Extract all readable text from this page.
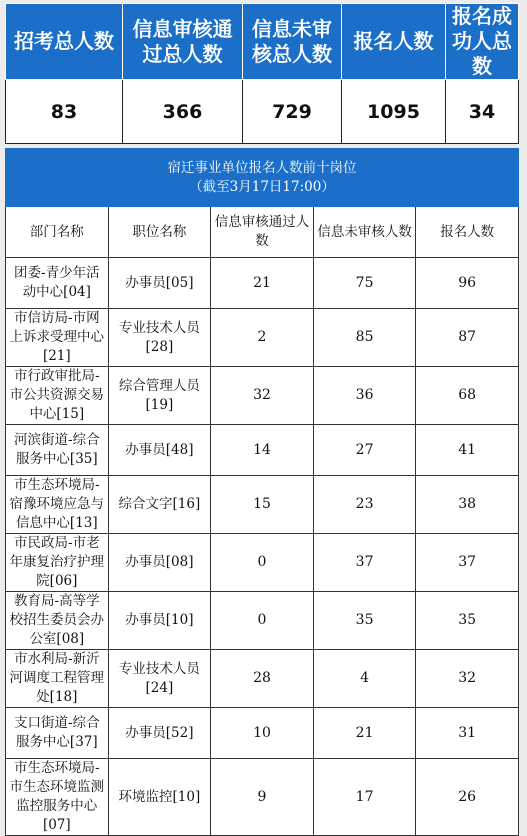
招考总人数	信息审核通过总人数	信息未审核总人数	报名人数	报名成功人总数
83	366	729	1095	34
宿迁事业单位报名人数前十岗位
（截至3月17日17:00）				

部门名称	职位名称	信息审核通过人数	信息未审核人数	报名人数
团委-青少年活动中心[04]	办事员[05]	21	75	96
市信访局-市网上诉求受理中心[21]	专业技术人员[28]	2	85	87
市行政审批局-市公共资源交易中心[15]	综合管理人员[19]	32	36	68
河滨街道-综合服务中心[35]	办事员[48]	14	27	41
市生态环境局-宿豫环境应急与信息中心[13]	综合文字[16]	15	23	38
市民政局-市老年康复治疗护理院[06]	办事员[08]	0	37	37
教育局-高等学校招生委员会办公室[08]	办事员[10]	0	35	35
市水利局-新沂河调度工程管理处[18]	专业技术人员[24]	28	4	32
支口街道-综合服务中心[37]	办事员[52]	10	21	31
市生态环境局-市生态环境监测监控服务中心[07]	环境监控[10]	9	17	26
